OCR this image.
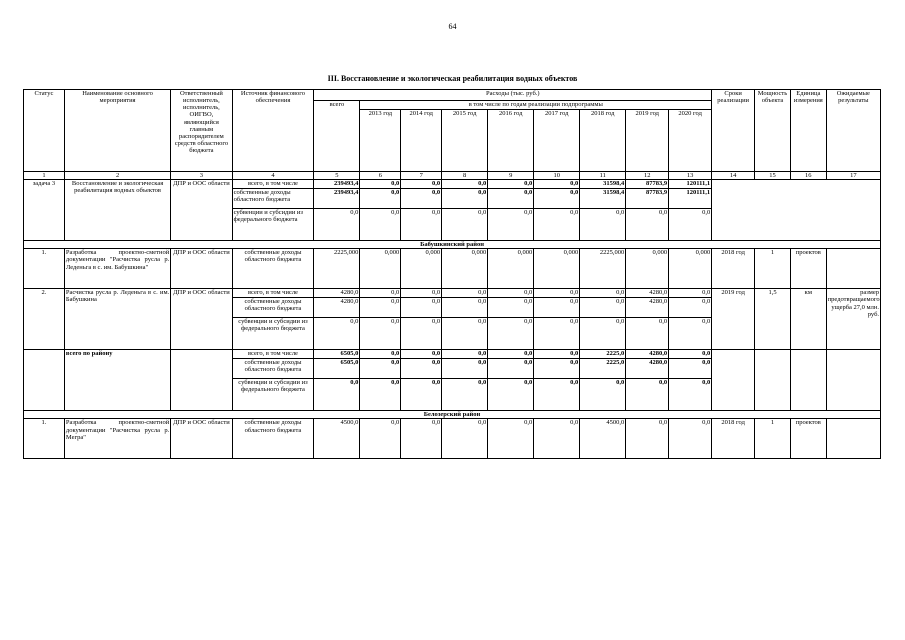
64
III. Восстановление и экологическая реабилитация водных объектов
Статус	Наименование основного мероприятия	Ответственный исполнитель, исполнитель, ОИГВО, являющийся главным распорядителем средств областного бюджета	Источник финансового обеспечения	Расходы (тыс. руб.)									Сроки реализации	Мощность объекта	Единица измерения	Ожидаемые результаты
				всего	в том числе по годам реализации подпрограммы											
					2013 год	2014 год	2015 год	2016 год	2017 год	2018 год	2019 год	2020 год				
1	2	3	4	5	6	7	8	9	10	11	12	13	14	15	16	17
задача 3	Восстановление и экологическая реабилитация водных объектов	ДПР и ООС области	всего, в том числе	239493,4	0,0	0,0	0,0	0,0	0,0	31598,4	87783,9	120111,1				
			собственные доходы областного бюджета	239493,4	0,0	0,0	0,0	0,0	0,0	31598,4	87783,9	120111,1				
			субвенции и субсидии из федерального бюджета	0,0	0,0	0,0	0,0	0,0	0,0	0,0	0,0	0,0				
Бабушкинский район																
1.	Разработка проектно-сметной документации "Расчистка русла р. Леденьга в с. им. Бабушкина"	ДПР и ООС области	собственные доходы областного бюджета	2225,000	0,000	0,000	0,000	0,000	0,000	2225,000	0,000	0,000	2018 год	1	проектов	
2.	Расчистка русла р. Леденьга в с. им. Бабушкина	ДПР и ООС области	всего, в том числе	4280,0	0,0	0,0	0,0	0,0	0,0	0,0	4280,0	0,0	2019 год	1,5	км	размер предотвращаемого ущерба 27,0 млн. руб.
			собственные доходы областного бюджета	4280,0	0,0	0,0	0,0	0,0	0,0	0,0	4280,0	0,0				
			субвенции и субсидии из федерального бюджета	0,0	0,0	0,0	0,0	0,0	0,0	0,0	0,0	0,0				
	всего по району		всего, в том числе	6505,0	0,0	0,0	0,0	0,0	0,0	2225,0	4280,0	0,0				
			собственные доходы областного бюджета	6505,0	0,0	0,0	0,0	0,0	0,0	2225,0	4280,0	0,0				
			субвенции и субсидии из федерального бюджета	0,0	0,0	0,0	0,0	0,0	0,0	0,0	0,0	0,0				
Белозерский район																
1.	Разработка проектно-сметной документации "Расчистка русла р. Мегра"	ДПР и ООС области	собственные доходы областного бюджета	4500,0	0,0	0,0	0,0	0,0	0,0	4500,0	0,0	0,0	2018 год	1	проектов	
